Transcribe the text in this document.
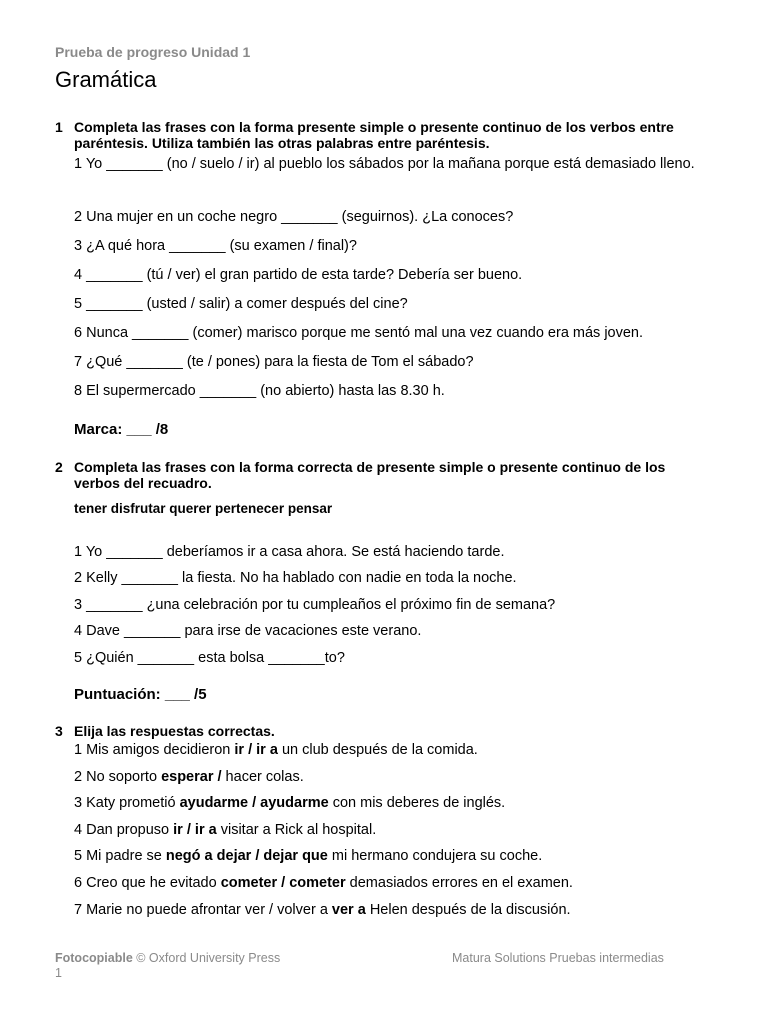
Prueba de progreso Unidad 1
Gramática
1 Completa las frases con la forma presente simple o presente continuo de los verbos entre paréntesis. Utiliza también las otras palabras entre paréntesis.
1 Yo _______ (no / suelo / ir) al pueblo los sábados por la mañana porque está demasiado lleno.
2 Una mujer en un coche negro _______ (seguirnos). ¿La conoces?
3 ¿A qué hora _______ (su examen / final)?
4 _______ (tú / ver) el gran partido de esta tarde? Debería ser bueno.
5 _______ (usted / salir) a comer después del cine?
6 Nunca _______ (comer) marisco porque me sentó mal una vez cuando era más joven.
7 ¿Qué _______ (te / pones) para la fiesta de Tom el sábado?
8 El supermercado _______ (no abierto) hasta las 8.30 h.
Marca: ___ /8
2 Completa las frases con la forma correcta de presente simple o presente continuo de los verbos del recuadro.
tener disfrutar querer pertenecer pensar
1 Yo _______ deberíamos ir a casa ahora. Se está haciendo tarde.
2 Kelly _______ la fiesta. No ha hablado con nadie en toda la noche.
3 _______ ¿una celebración por tu cumpleaños el próximo fin de semana?
4 Dave _______ para irse de vacaciones este verano.
5 ¿Quién _______ esta bolsa _______to?
Puntuación: ___ /5
3 Elija las respuestas correctas.
1 Mis amigos decidieron ir / ir a un club después de la comida.
2 No soporto esperar / hacer colas.
3 Katy prometió ayudarme / ayudarme con mis deberes de inglés.
4 Dan propuso ir / ir a visitar a Rick al hospital.
5 Mi padre se negó a dejar / dejar que mi hermano condujera su coche.
6 Creo que he evitado cometer / cometer demasiados errores en el examen.
7 Marie no puede afrontar ver / volver a ver a Helen después de la discusión.
Fotocopiable © Oxford University Press	Matura Solutions Pruebas intermedias
1
